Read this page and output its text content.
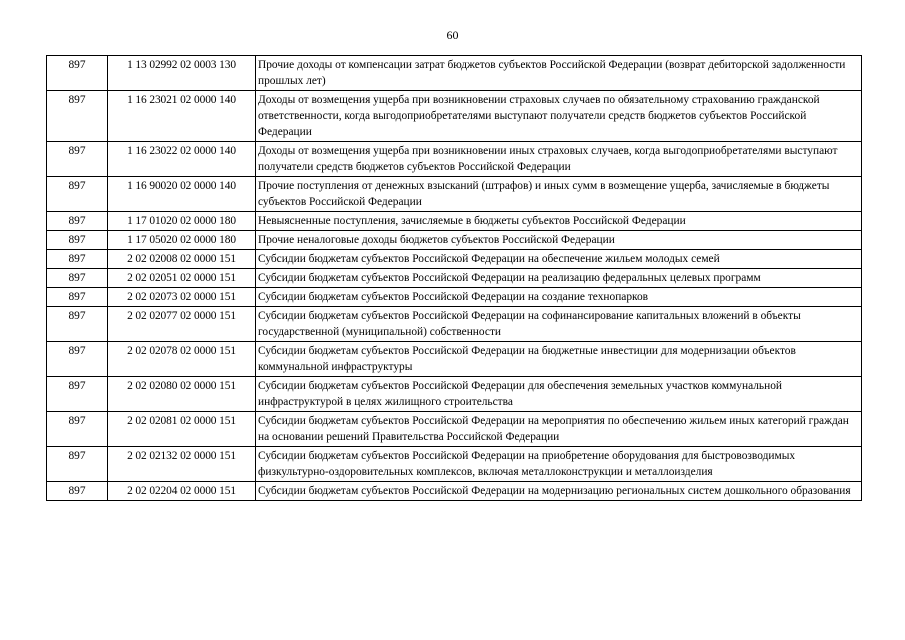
60
897	1 13 02992 02 0003 130	Прочие доходы от компенсации затрат бюджетов субъектов Российской Федерации (возврат дебиторской задолженности прошлых лет)
897	1 16 23021 02 0000 140	Доходы от возмещения ущерба при возникновении страховых случаев по обязательному страхованию гражданской ответственности, когда выгодоприобретателями выступают получатели средств бюджетов субъектов Российской Федерации
897	1 16 23022 02 0000 140	Доходы от возмещения ущерба при возникновении иных страховых случаев, когда выгодоприобретателями выступают получатели средств бюджетов субъектов Российской Федерации
897	1 16 90020 02 0000 140	Прочие поступления от денежных взысканий (штрафов) и иных сумм в возмещение ущерба, зачисляемые в бюджеты субъектов Российской Федерации
897	1 17 01020 02 0000 180	Невыясненные поступления, зачисляемые в бюджеты субъектов Российской Федерации
897	1 17 05020 02 0000 180	Прочие неналоговые доходы бюджетов субъектов Российской Федерации
897	2 02 02008 02 0000 151	Субсидии бюджетам субъектов Российской Федерации на обеспечение жильем молодых семей
897	2 02 02051 02 0000 151	Субсидии бюджетам субъектов Российской Федерации на реализацию федеральных целевых программ
897	2 02 02073 02 0000 151	Субсидии бюджетам субъектов Российской Федерации на создание технопарков
897	2 02 02077 02 0000 151	Субсидии бюджетам субъектов Российской Федерации на софинансирование капитальных вложений в объекты государственной (муниципальной) собственности
897	2 02 02078 02 0000 151	Субсидии бюджетам субъектов Российской Федерации на бюджетные инвестиции для модернизации объектов коммунальной инфраструктуры
897	2 02 02080 02 0000 151	Субсидии бюджетам субъектов Российской Федерации для обеспечения земельных участков коммунальной инфраструктурой в целях жилищного строительства
897	2 02 02081 02 0000 151	Субсидии бюджетам субъектов Российской Федерации на мероприятия по обеспечению жильем иных категорий граждан на основании решений Правительства Российской Федерации
897	2 02 02132 02 0000 151	Субсидии бюджетам субъектов Российской Федерации на приобретение оборудования для быстровозводимых физкультурно-оздоровительных комплексов, включая металлоконструкции и металлоизделия
897	2 02 02204 02 0000 151	Субсидии бюджетам субъектов Российской Федерации на модернизацию региональных систем дошкольного образования
